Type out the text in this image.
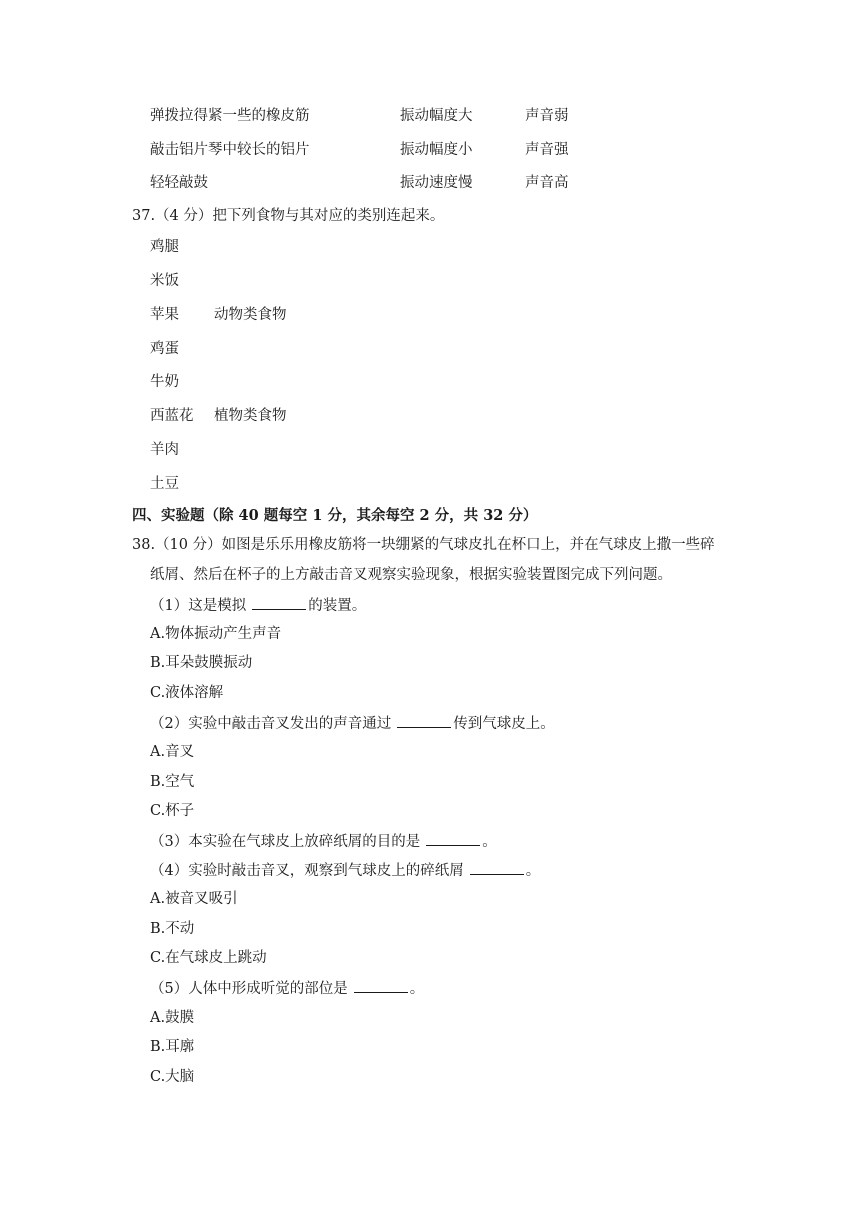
弹拨拉得紧一些的橡皮筋	振动幅度大	声音弱
敲击铝片琴中较长的铝片	振动幅度小	声音强
轻轻敲鼓	振动速度慢	声音高
37.（4 分）把下列食物与其对应的类别连起来。
鸡腿
米饭
苹果 动物类食物
鸡蛋
牛奶
西蓝花 植物类食物
羊肉
土豆
四、实验题（除 40 题每空 1 分，其余每空 2 分，共 32 分）
38.（10 分）如图是乐乐用橡皮筋将一块绷紧的气球皮扎在杯口上，并在气球皮上撒一些碎
纸屑、然后在杯子的上方敲击音叉观察实验现象，根据实验装置图完成下列问题。
（1）这是模拟	的装置。
A.物体振动产生声音
B.耳朵鼓膜振动
C.液体溶解
（2）实验中敲击音叉发出的声音通过	传到气球皮上。
A.音叉
B.空气
C.杯子
（3）本实验在气球皮上放碎纸屑的目的是	。
（4）实验时敲击音叉，观察到气球皮上的碎纸屑	。
A.被音叉吸引
B.不动
C.在气球皮上跳动
（5）人体中形成听觉的部位是	。
A.鼓膜
B.耳廓
C.大脑
